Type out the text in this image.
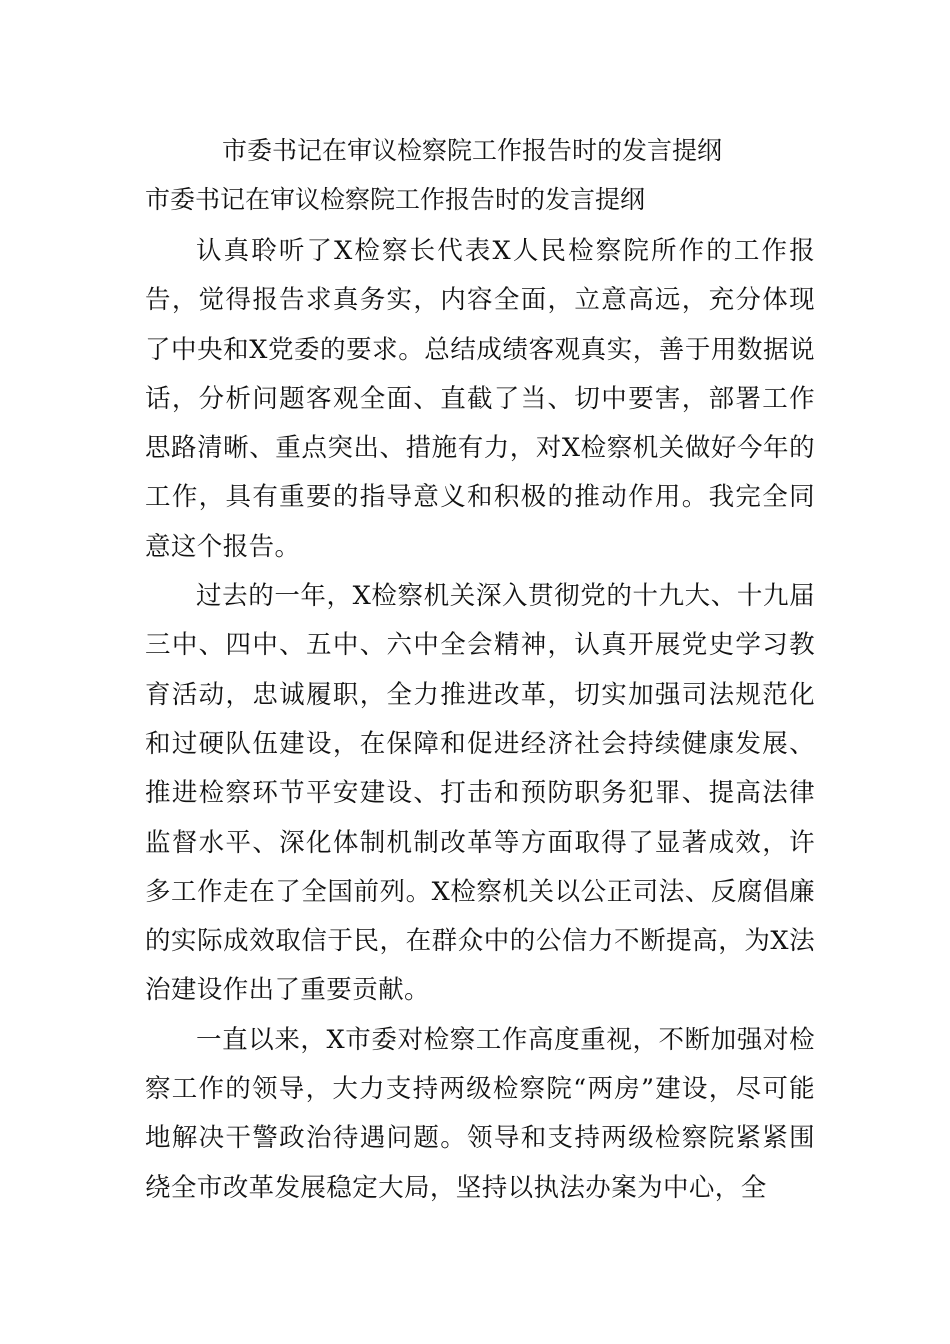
市委书记在审议检察院工作报告时的发言提纲
市委书记在审议检察院工作报告时的发言提纲

认真聆听了X检察长代表X人民检察院所作的工作报告，觉得报告求真务实，内容全面，立意高远，充分体现了中央和X党委的要求。总结成绩客观真实，善于用数据说话，分析问题客观全面、直截了当、切中要害，部署工作思路清晰、重点突出、措施有力，对X检察机关做好今年的工作，具有重要的指导意义和积极的推动作用。我完全同意这个报告。

过去的一年，X检察机关深入贯彻党的十九大、十九届三中、四中、五中、六中全会精神，认真开展党史学习教育活动，忠诚履职，全力推进改革，切实加强司法规范化和过硬队伍建设，在保障和促进经济社会持续健康发展、推进检察环节平安建设、打击和预防职务犯罪、提高法律监督水平、深化体制机制改革等方面取得了显著成效，许多工作走在了全国前列。X检察机关以公正司法、反腐倡廉的实际成效取信于民，在群众中的公信力不断提高，为X法治建设作出了重要贡献。

一直以来，X市委对检察工作高度重视，不断加强对检察工作的领导，大力支持两级检察院“两房”建设，尽可能地解决干警政治待遇问题。领导和支持两级检察院紧紧围绕全市改革发展稳定大局，坚持以执法办案为中心，全
